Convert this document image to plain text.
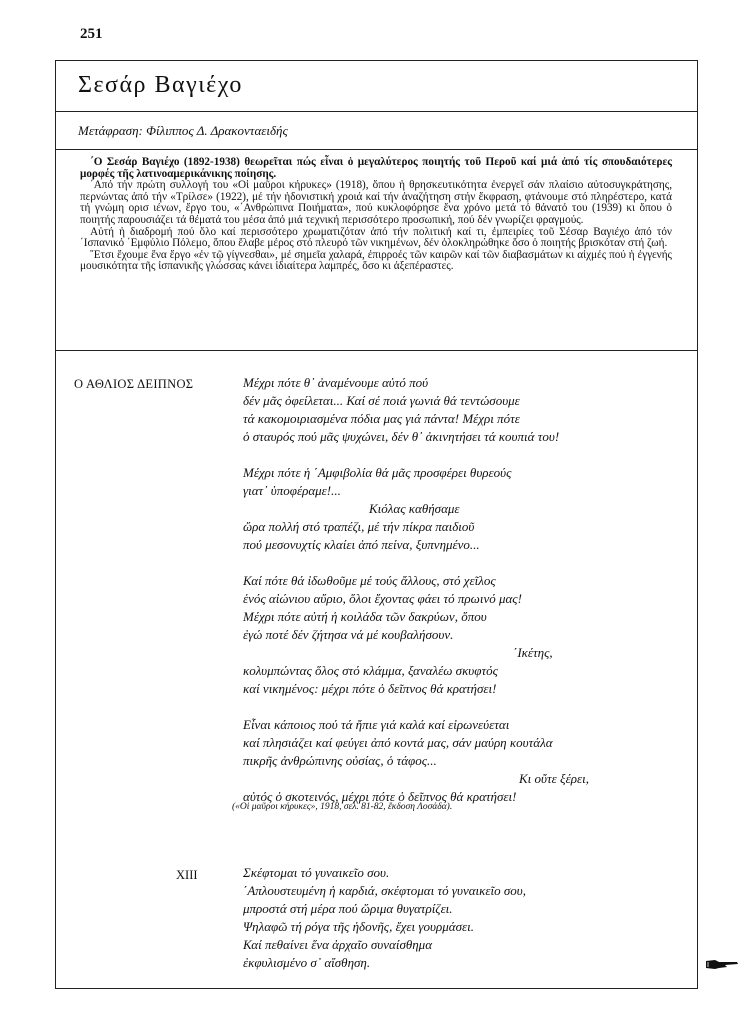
251
Σεσάρ Βαγιέχο
Μετάφραση: Φίλιππος Δ. Δρακονταειδής

΄Ο Σεσάρ Βαγιέχο (1892-1938) θεωρεῖται πώς εἶναι ὁ μεγαλύτερος ποιητής τοῦ Περοῦ καί μιά ἀπό τίς σπουδαιότερες μορφές τῆς λατινοαμερικάνικης ποίησης.

΄Από τήν πρώτη συλλογή του «Οἱ μαῦροι κήρυκες» (1918), ὅπου ἡ θρησκευτικότητα ἐνεργεῖ σάν πλαίσιο αὐτοσυγκράτησης, περνώντας ἀπό τήν «Τρίλσε» (1922), μέ τήν ἡδονιστική χροιά καί τήν ἀναζήτηση στήν ἔκφραση, φτάνουμε στό πληρέστερο, κατά τή γνώμη ορισ ιένων, ἔργο του, «΄Ανθρώπινα Ποιήματα», πού κυκλοφόρησε ἕνα χρόνο μετά τό θάνατό του (1939) κι ὅπου ὁ ποιητής παρουσιάζει τά θέματά του μέσα ἀπό μιά τεχνική περισσότερο προσωπική, πού δέν γνωρίζει φραγμούς.

Αὐτή ἡ διαδρομή πού ὅλο καί περισσότερο χρωματιζόταν ἀπό τήν πολιτική καί τι, ἐμπειρίες τοῦ Σέσαρ Βαγιέχο ἀπό τόν ΄Ισπανικό ΄Εμφύλιο Πόλεμο, ὅπου ἔλαβε μέρος στό πλευρό τῶν νικημένων, δέν ὁλοκληρώθηκε ὅσο ὁ ποιητής βρισκόταν στή ζωή.

῞Ετσι ἔχουμε ἕνα ἔργο «ἐν τῷ γίγνεσθαι», μέ σημεῖα χαλαρά, ἐπιρροές τῶν καιρῶν καί τῶν διαβασμάτων κι αἰχμές πού ἡ ἐγγενής μουσικότητα τῆς ἰσπανικῆς γλώσσας κάνει ἰδιαίτερα λαμπρές, ὅσο κι ἀξεπέραστες.

Ο ΑΘΛΙΟΣ ΔΕΙΠΝΟΣ	Μέχρι πότε θ᾽ ἀναμένουμε αὐτό πού
δέν μᾶς ὀφείλεται... Καί σέ ποιά γωνιά θά τεντώσουμε
τά κακομοιριασμένα πόδια μας γιά πάντα! Μέχρι πότε
ὁ σταυρός πού μᾶς ψυχώνει, δέν θ᾽ ἀκινητήσει τά κουπιά του!
Μέχρι πότε ἡ ΄Αμφιβολία θά μᾶς προσφέρει θυρεούς
γιατ᾽ ὑποφέραμε!...
Κιόλας καθήσαμε
ὥρα πολλή στό τραπέζι, μέ τήν πίκρα παιδιοῦ
πού μεσονυχτίς κλαίει ἀπό πείνα, ξυπνημένο...
Καί πότε θά ἰδωθοῦμε μέ τούς ἄλλους, στό χεῖλος
ἑνός αἰώνιου αὔριο, ὅλοι ἔχοντας φάει τό πρωινό μας!
Μέχρι πότε αὐτή ἡ κοιλάδα τῶν δακρύων, ὅπου
ἐγώ ποτέ δέν ζήτησα νά μέ κουβαλήσουν.
΄Ικέτης,
κολυμπώντας ὅλος στό κλάμμα, ξαναλέω σκυφτός
καί νικημένος: μέχρι πότε ὁ δεῖπνος θά κρατήσει!
Εἶναι κάποιος πού τά ἤπιε γιά καλά καί εἰρωνεύεται
καί πλησιάζει καί φεύγει ἀπό κοντά μας, σάν μαύρη κουτάλα
πικρῆς ἀνθρώπινης οὐσίας, ὁ τάφος...
Κι οὔτε ξέρει,
αὐτός ὁ σκοτεινός, μέχρι πότε ὁ δεῖπνος θά κρατήσει!
(«Οἱ μαῦροι κήρυκες», 1918, σελ. 81-82, ἔκδοση Λοσάδα).
XIII	Σκέφτομαι τό γυναικεῖο σου.
΄Απλουστευμένη ἡ καρδιά, σκέφτομαι τό γυναικεῖο σου,
μπροστά στή μέρα πού ὥριμα θυγατρίζει.
Ψηλαφῶ τή ρόγα τῆς ἡδονῆς, ἔχει γουρμάσει.
Καί πεθαίνει ἕνα ἀρχαῖο συναίσθημα
ἐκφυλισμένο σ᾽ αἴσθηση.
